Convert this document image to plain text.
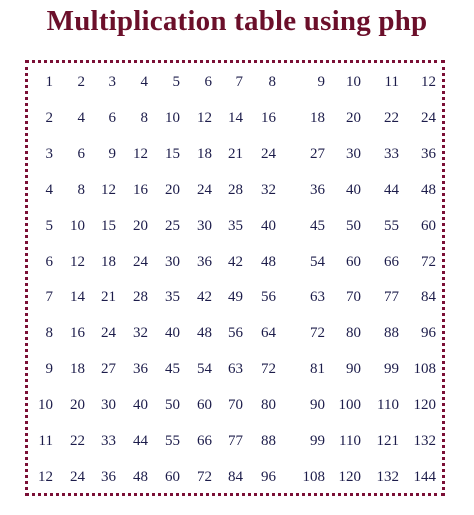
Multiplication table using php
1	2	3	4	5	6	7	8	9	10	11	12
2	4	6	8	10	12	14	16	18	20	22	24
3	6	9	12	15	18	21	24	27	30	33	36
4	8	12	16	20	24	28	32	36	40	44	48
5	10	15	20	25	30	35	40	45	50	55	60
6	12	18	24	30	36	42	48	54	60	66	72
7	14	21	28	35	42	49	56	63	70	77	84
8	16	24	32	40	48	56	64	72	80	88	96
9	18	27	36	45	54	63	72	81	90	99	108
10	20	30	40	50	60	70	80	90	100	110	120
11	22	33	44	55	66	77	88	99	110	121	132
12	24	36	48	60	72	84	96	108	120	132	144
